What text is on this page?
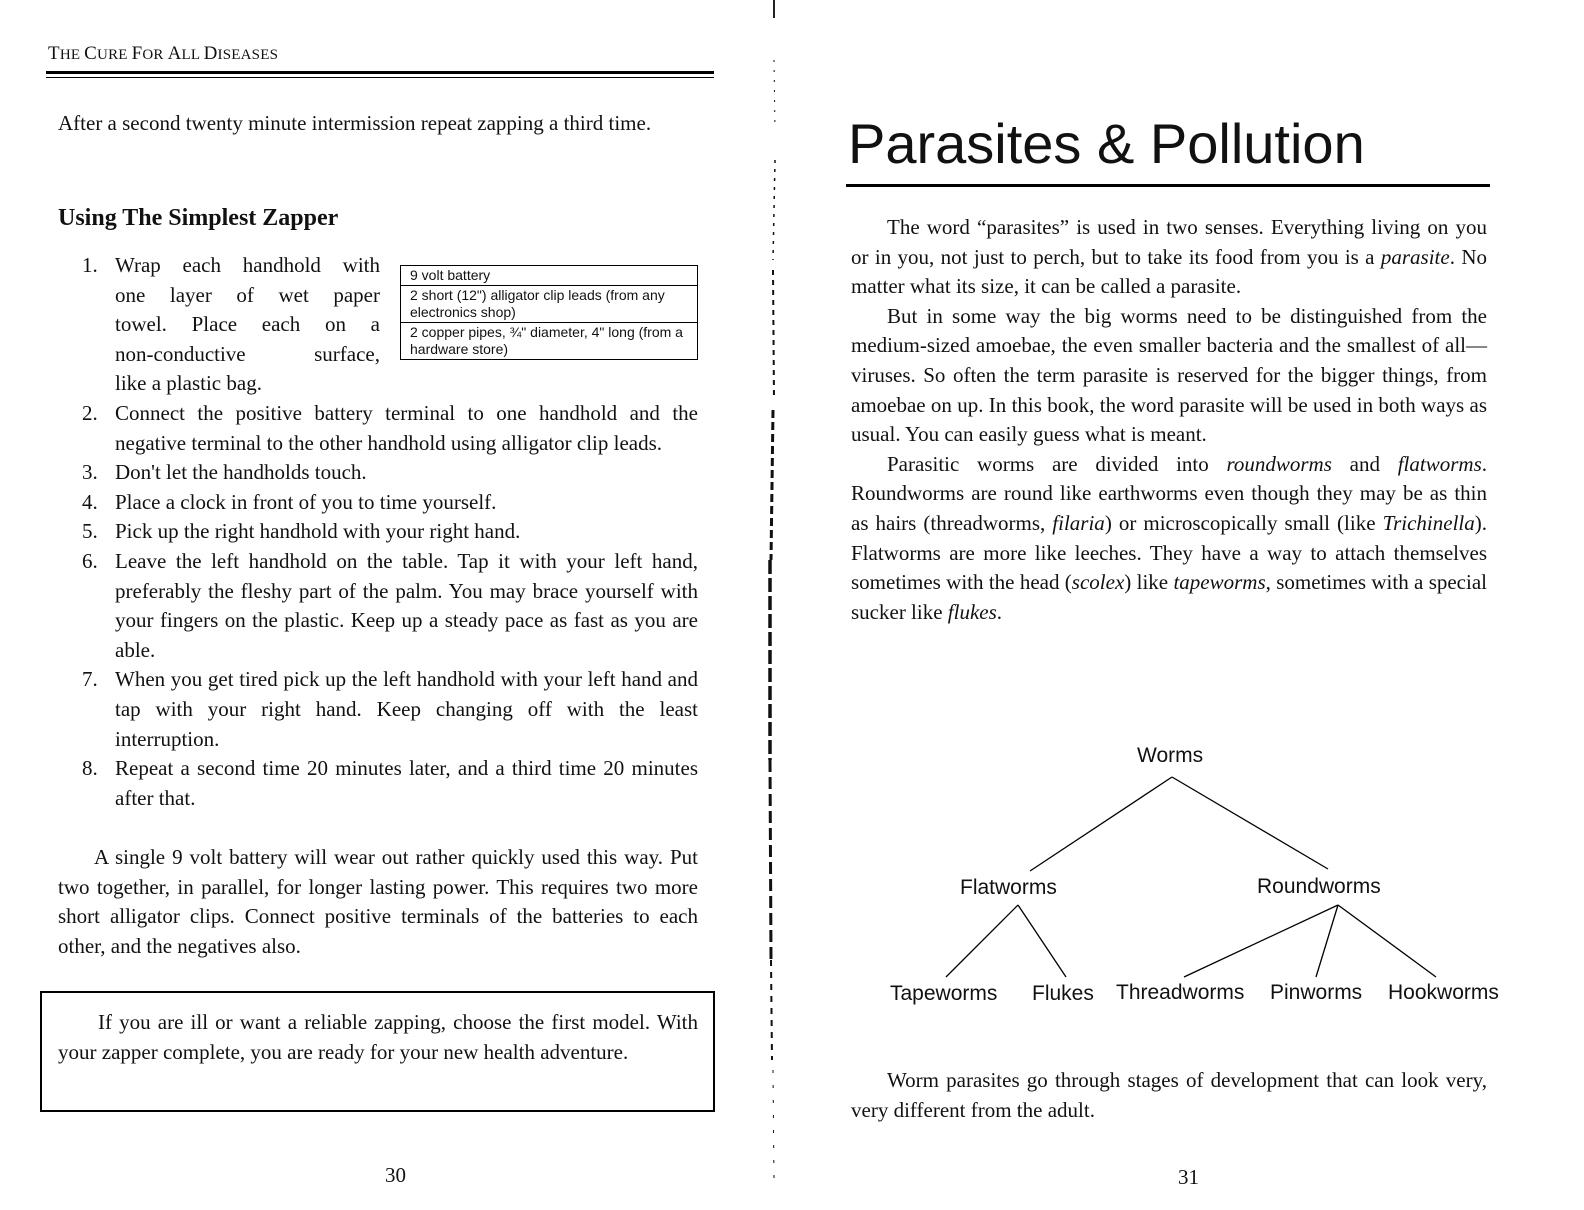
THE CURE FOR ALL DISEASES
After a second twenty minute intermission repeat zapping a third time.
Using The Simplest Zapper
9 volt battery
2 short (12") alligator clip leads (from any electronics shop)
2 copper pipes, ¾" diameter, 4" long (from a hardware store)
1. Wrap each handhold with
one layer of wet paper
towel. Place each on a
non-conductive surface,
like a plastic bag.
2. Connect the positive battery terminal to one handhold and the negative terminal to the other handhold using alligator clip leads.
3. Don't let the handholds touch.
4. Place a clock in front of you to time yourself.
5. Pick up the right handhold with your right hand.
6. Leave the left handhold on the table. Tap it with your left hand, preferably the fleshy part of the palm. You may brace yourself with your fingers on the plastic. Keep up a steady pace as fast as you are able.
7. When you get tired pick up the left handhold with your left hand and tap with your right hand. Keep changing off with the least interruption.
8. Repeat a second time 20 minutes later, and a third time 20 minutes after that.
A single 9 volt battery will wear out rather quickly used this way. Put two together, in parallel, for longer lasting power. This requires two more short alligator clips. Connect positive terminals of the batteries to each other, and the negatives also.

If you are ill or want a reliable zapping, choose the first model. With your zapper complete, you are ready for your new health adventure.

30
Parasites & Pollution

The word “parasites” is used in two senses. Everything living on you or in you, not just to perch, but to take its food from you is a parasite. No matter what its size, it can be called a parasite.

But in some way the big worms need to be distinguished from the medium-sized amoebae, the even smaller bacteria and the smallest of all—viruses. So often the term parasite is reserved for the bigger things, from amoebae on up. In this book, the word parasite will be used in both ways as usual. You can easily guess what is meant.

Parasitic worms are divided into roundworms and flatworms. Roundworms are round like earthworms even though they may be as thin as hairs (threadworms, filaria) or microscopically small (like Trichinella). Flatworms are more like leeches. They have a way to attach themselves sometimes with the head (scolex) like tapeworms, sometimes with a special sucker like flukes.

Worms
Flatworms	Roundworms
Tapeworms Flukes Threadworms Pinworms Hookworms

Worm parasites go through stages of development that can look very, very different from the adult.

31
